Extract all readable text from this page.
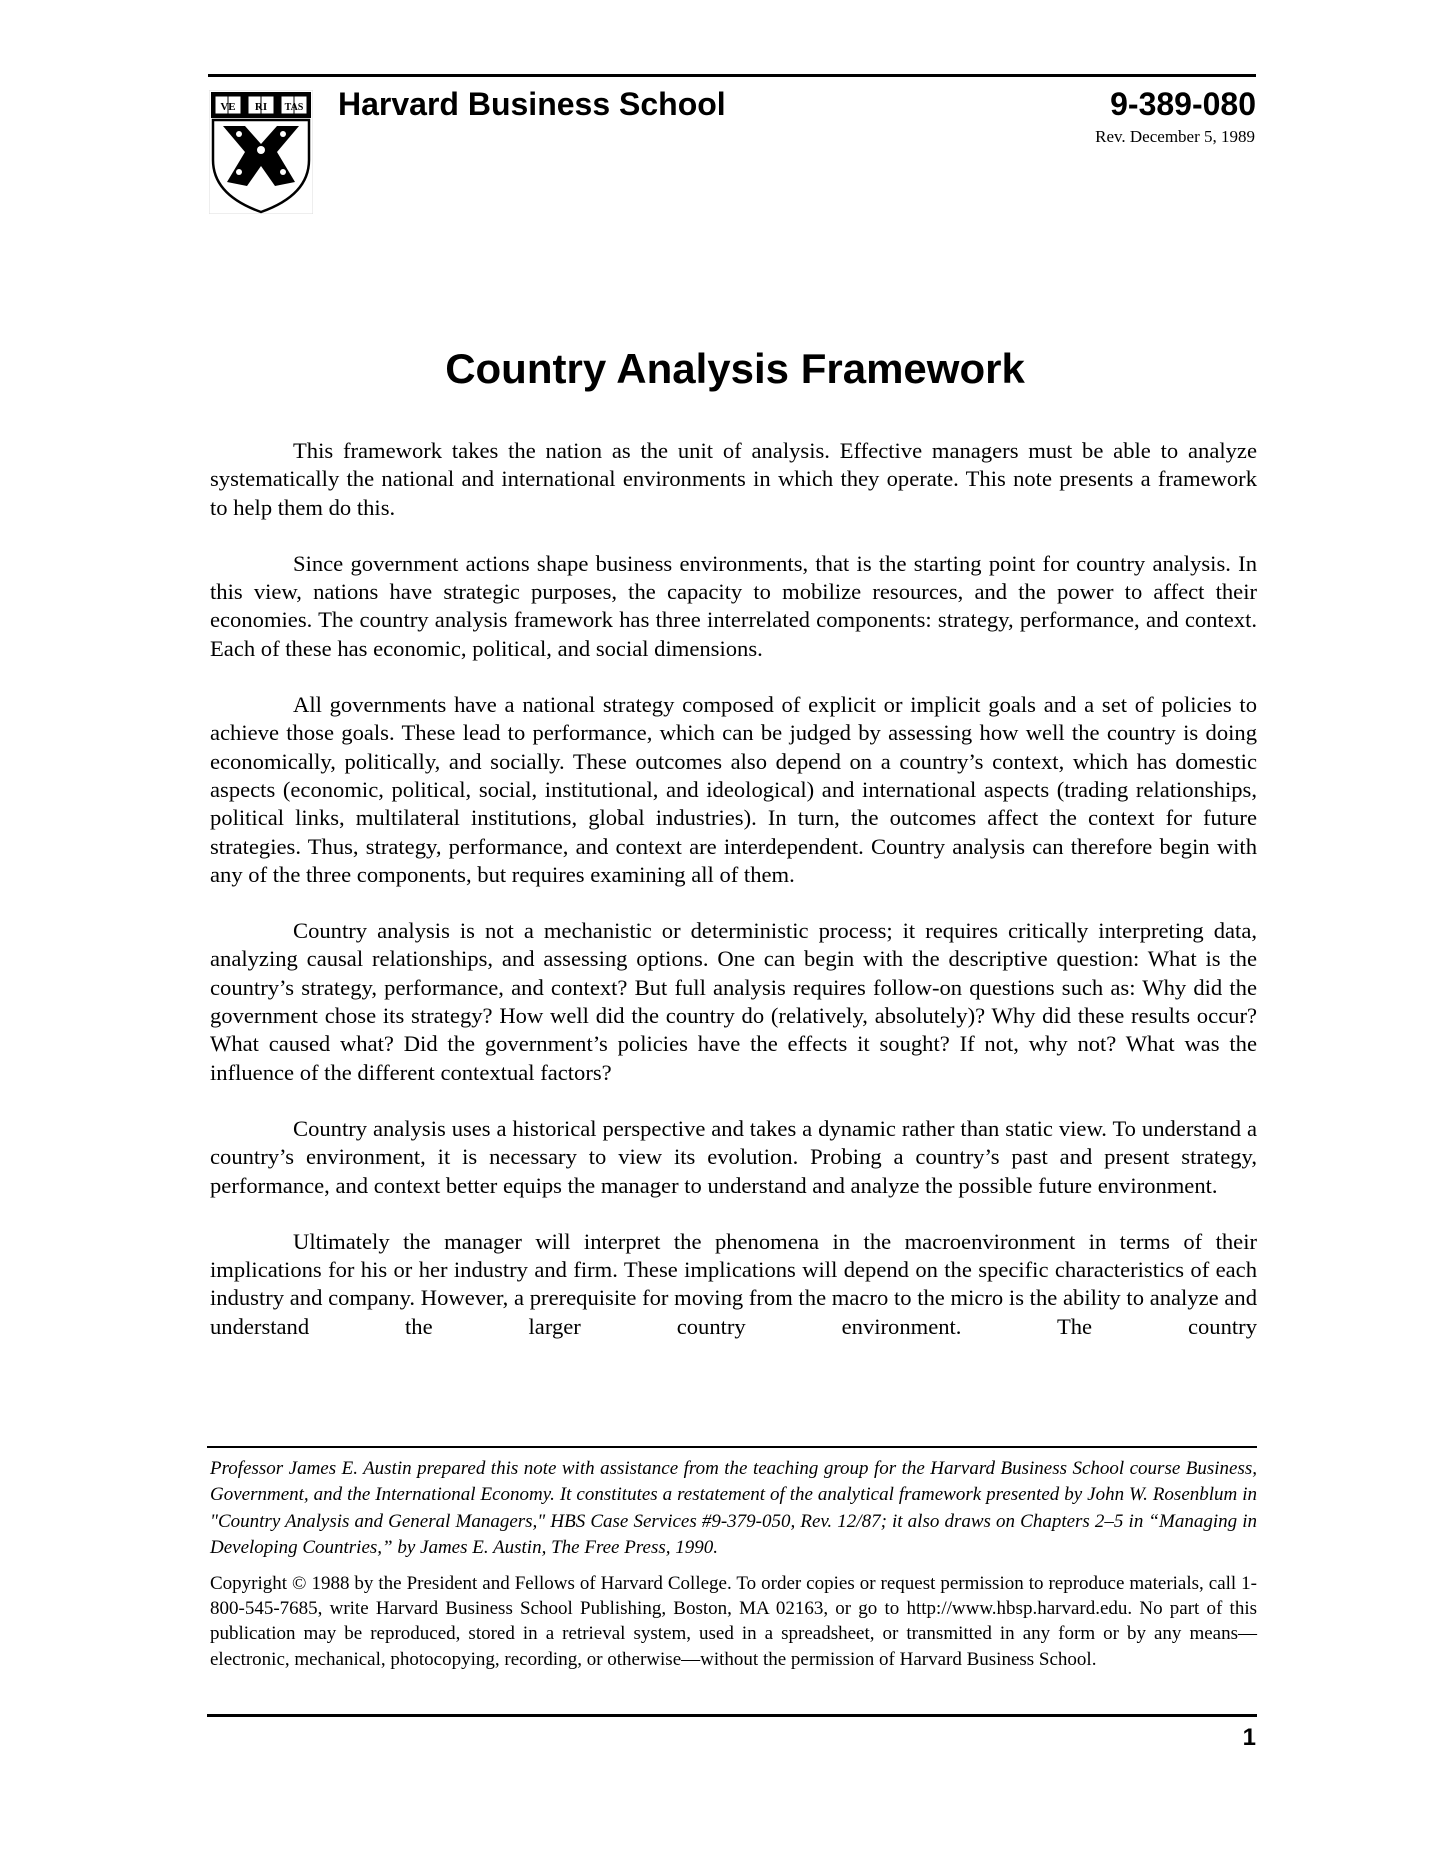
VE RI TAS Harvard Business School	9-389-080
Rev. December 5, 1989
Country Analysis Framework

This framework takes the nation as the unit of analysis. Effective managers must be able to analyze systematically the national and international environments in which they operate. This note presents a framework to help them do this.

Since government actions shape business environments, that is the starting point for country analysis. In this view, nations have strategic purposes, the capacity to mobilize resources, and the power to affect their economies. The country analysis framework has three interrelated components: strategy, performance, and context. Each of these has economic, political, and social dimensions.

All governments have a national strategy composed of explicit or implicit goals and a set of policies to achieve those goals. These lead to performance, which can be judged by assessing how well the country is doing economically, politically, and socially. These outcomes also depend on a country’s context, which has domestic aspects (economic, political, social, institutional, and ideological) and international aspects (trading relationships, political links, multilateral institutions, global industries). In turn, the outcomes affect the context for future strategies. Thus, strategy, performance, and context are interdependent. Country analysis can therefore begin with any of the three components, but requires examining all of them.

Country analysis is not a mechanistic or deterministic process; it requires critically interpreting data, analyzing causal relationships, and assessing options. One can begin with the descriptive question: What is the country’s strategy, performance, and context? But full analysis requires follow-on questions such as: Why did the government chose its strategy? How well did the country do (relatively, absolutely)? Why did these results occur? What caused what? Did the government’s policies have the effects it sought? If not, why not? What was the influence of the different contextual factors?

Country analysis uses a historical perspective and takes a dynamic rather than static view. To understand a country’s environment, it is necessary to view its evolution. Probing a country’s past and present strategy, performance, and context better equips the manager to understand and analyze the possible future environment.

Ultimately the manager will interpret the phenomena in the macroenvironment in terms of their implications for his or her industry and firm. These implications will depend on the specific characteristics of each industry and company. However, a prerequisite for moving from the macro to the micro is the ability to analyze and understand the larger country environment. The country

Professor James E. Austin prepared this note with assistance from the teaching group for the Harvard Business School course Business, Government, and the International Economy. It constitutes a restatement of the analytical framework presented by John W. Rosenblum in "Country Analysis and General Managers," HBS Case Services #9-379-050, Rev. 12/87; it also draws on Chapters 2–5 in “Managing in Developing Countries,” by James E. Austin, The Free Press, 1990.

Copyright © 1988 by the President and Fellows of Harvard College. To order copies or request permission to reproduce materials, call 1-800-545-7685, write Harvard Business School Publishing, Boston, MA 02163, or go to http://www.hbsp.harvard.edu. No part of this publication may be reproduced, stored in a retrieval system, used in a spreadsheet, or transmitted in any form or by any means—electronic, mechanical, photocopying, recording, or otherwise—without the permission of Harvard Business School.

1
